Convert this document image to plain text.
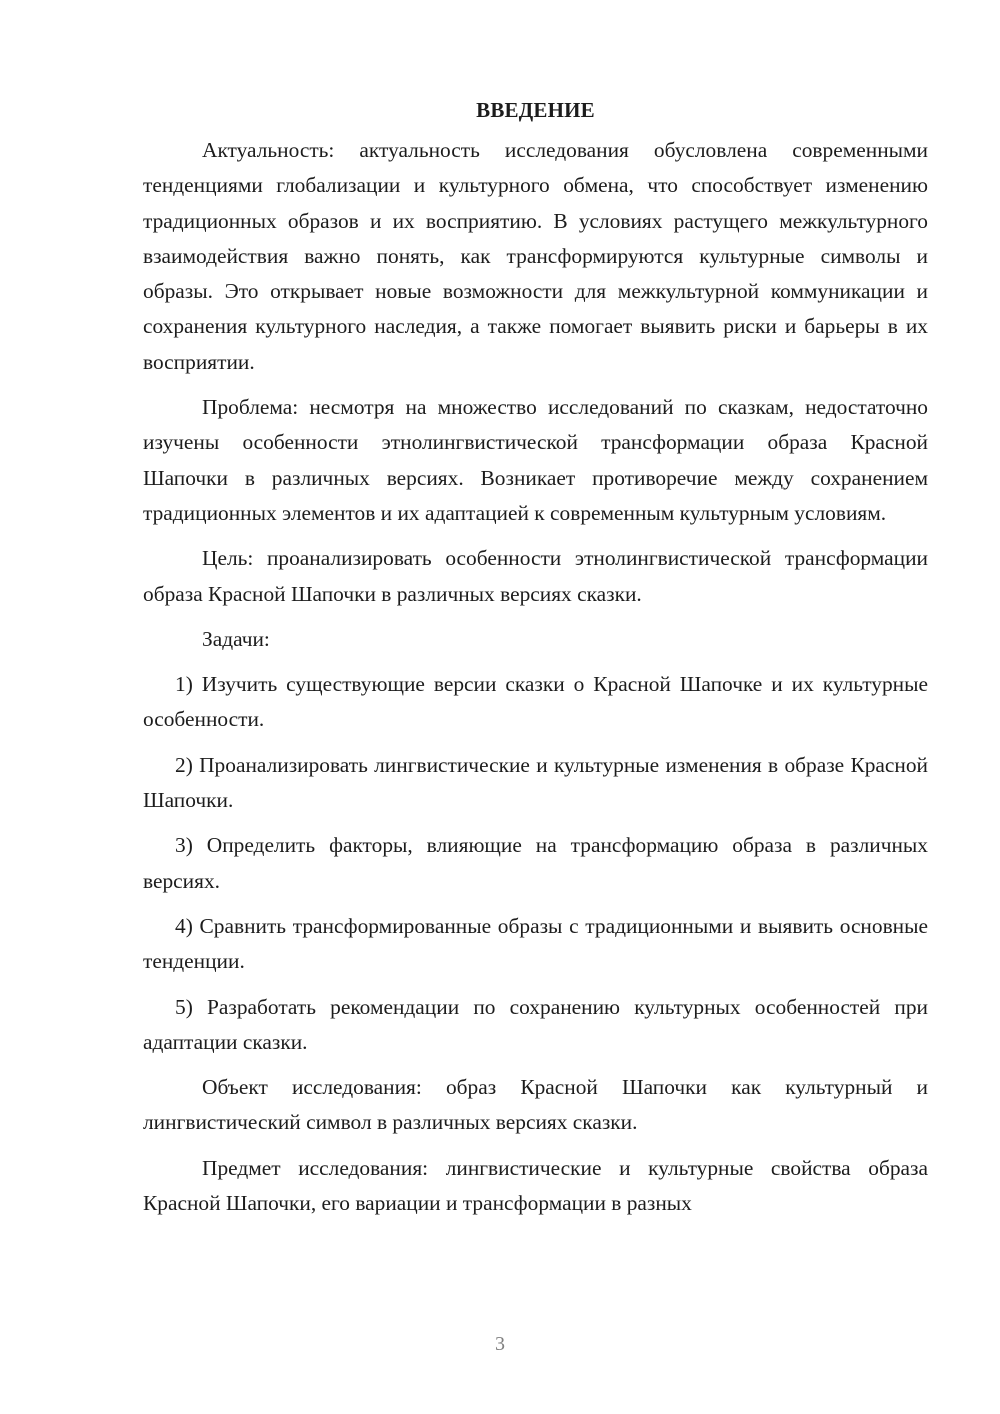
ВВЕДЕНИЕ

Актуальность: актуальность исследования обусловлена современными тенденциями глобализации и культурного обмена, что способствует изменению традиционных образов и их восприятию. В условиях растущего межкультурного взаимодействия важно понять, как трансформируются культурные символы и образы. Это открывает новые возможности для межкультурной коммуникации и сохранения культурного наследия, а также помогает выявить риски и барьеры в их восприятии.

Проблема: несмотря на множество исследований по сказкам, недостаточно изучены особенности этнолингвистической трансформации образа Красной Шапочки в различных версиях. Возникает противоречие между сохранением традиционных элементов и их адаптацией к современным культурным условиям.

Цель: проанализировать особенности этнолингвистической трансформации образа Красной Шапочки в различных версиях сказки.

Задачи:

1) Изучить существующие версии сказки о Красной Шапочке и их культурные особенности.

2) Проанализировать лингвистические и культурные изменения в образе Красной Шапочки.

3) Определить факторы, влияющие на трансформацию образа в различных версиях.

4) Сравнить трансформированные образы с традиционными и выявить основные тенденции.

5) Разработать рекомендации по сохранению культурных особенностей при адаптации сказки.

Объект исследования: образ Красной Шапочки как культурный и лингвистический символ в различных версиях сказки.

Предмет исследования: лингвистические и культурные свойства образа Красной Шапочки, его вариации и трансформации в разных

3
